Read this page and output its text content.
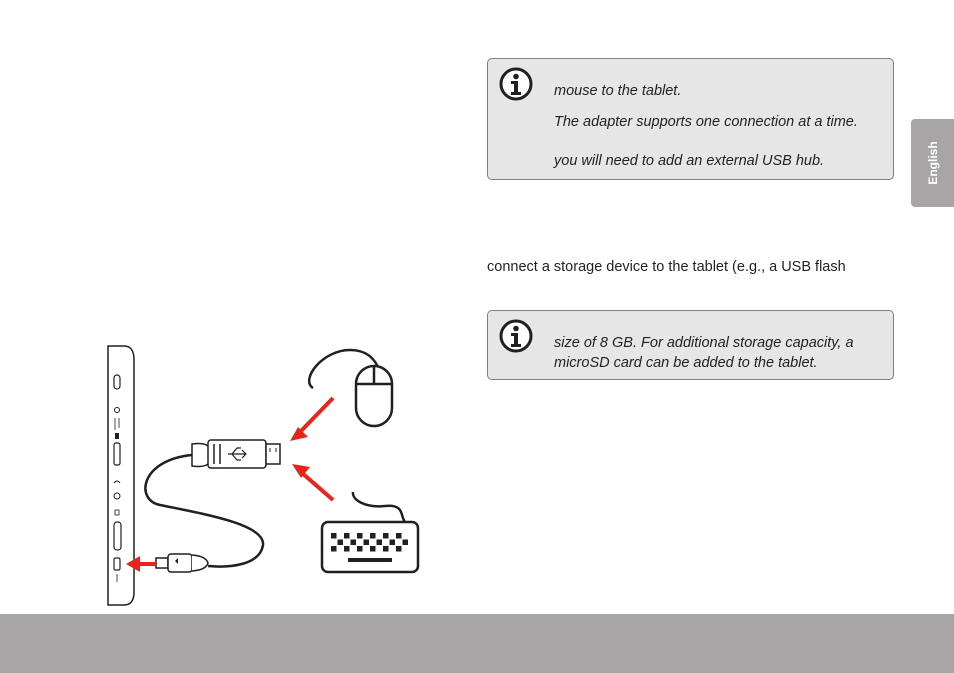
mouse to the tablet.
The adapter supports one connection at a time.
you will need to add an external USB hub.
connect a storage device to the tablet (e.g., a USB flash
size of 8 GB. For additional storage capacity, a
microSD card can be added to the tablet.
English
